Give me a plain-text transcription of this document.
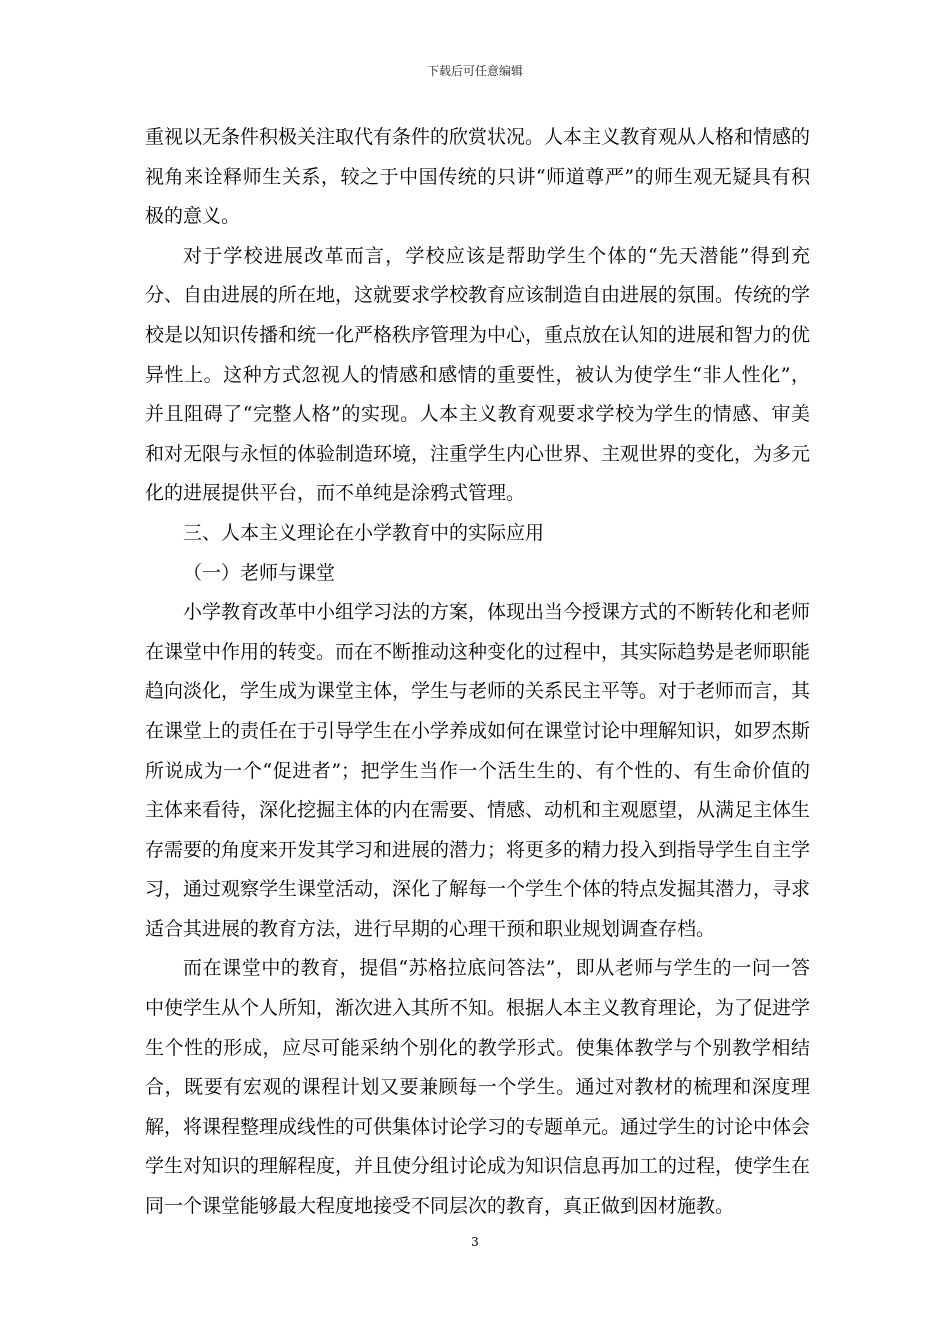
下载后可任意编辑

重视以无条件积极关注取代有条件的欣赏状况。人本主义教育观从人格和情感的视角来诠释师生关系，较之于中国传统的只讲“师道尊严”的师生观无疑具有积极的意义。

对于学校进展改革而言，学校应该是帮助学生个体的“先天潜能”得到充分、自由进展的所在地，这就要求学校教育应该制造自由进展的氛围。传统的学校是以知识传播和统一化严格秩序管理为中心，重点放在认知的进展和智力的优异性上。这种方式忽视人的情感和感情的重要性，被认为使学生“非人性化”，并且阻碍了“完整人格”的实现。人本主义教育观要求学校为学生的情感、审美和对无限与永恒的体验制造环境，注重学生内心世界、主观世界的变化，为多元化的进展提供平台，而不单纯是涂鸦式管理。

三、人本主义理论在小学教育中的实际应用

（一）老师与课堂

小学教育改革中小组学习法的方案，体现出当今授课方式的不断转化和老师在课堂中作用的转变。而在不断推动这种变化的过程中，其实际趋势是老师职能趋向淡化，学生成为课堂主体，学生与老师的关系民主平等。对于老师而言，其在课堂上的责任在于引导学生在小学养成如何在课堂讨论中理解知识，如罗杰斯所说成为一个“促进者”；把学生当作一个活生生的、有个性的、有生命价值的主体来看待，深化挖掘主体的内在需要、情感、动机和主观愿望，从满足主体生存需要的角度来开发其学习和进展的潜力；将更多的精力投入到指导学生自主学习，通过观察学生课堂活动，深化了解每一个学生个体的特点发掘其潜力，寻求适合其进展的教育方法，进行早期的心理干预和职业规划调查存档。

而在课堂中的教育，提倡“苏格拉底问答法”，即从老师与学生的一问一答中使学生从个人所知，渐次进入其所不知。根据人本主义教育理论，为了促进学生个性的形成，应尽可能采纳个别化的教学形式。使集体教学与个别教学相结合，既要有宏观的课程计划又要兼顾每一个学生。通过对教材的梳理和深度理解，将课程整理成线性的可供集体讨论学习的专题单元。通过学生的讨论中体会学生对知识的理解程度，并且使分组讨论成为知识信息再加工的过程，使学生在同一个课堂能够最大程度地接受不同层次的教育，真正做到因材施教。

3
